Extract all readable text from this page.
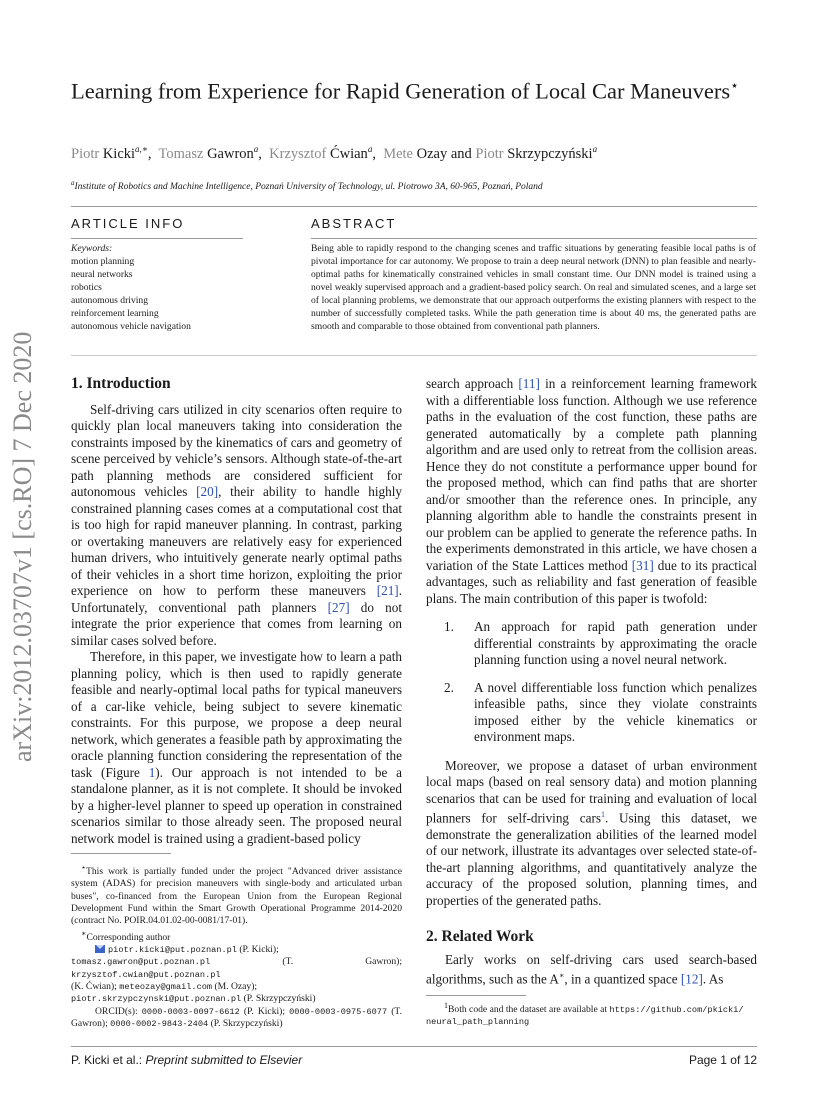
arXiv:2012.03707v1 [cs.RO] 7 Dec 2020
Learning from Experience for Rapid Generation of Local Car Maneuvers⋆
Piotr Kicki$^{a,∗}$,  Tomasz Gawron$^a$,  Krzysztof Ćwian$^a$,  Mete Ozay and Piotr Skrzypczyński$^a$
$^a$Institute of Robotics and Machine Intelligence, Poznań University of Technology, ul. Piotrowo 3A, 60-965, Poznań, Poland
ARTICLE INFO
Keywords:
motion planning
neural networks
robotics
autonomous driving
reinforcement learning
autonomous vehicle navigation
ABSTRACT
Being able to rapidly respond to the changing scenes and traffic situations by generating feasible local paths is of pivotal importance for car autonomy. We propose to train a deep neural network (DNN) to plan feasible and nearly-optimal paths for kinematically constrained vehicles in small constant time. Our DNN model is trained using a novel weakly supervised approach and a gradient-based policy search. On real and simulated scenes, and a large set of local planning problems, we demonstrate that our approach outperforms the existing planners with respect to the number of successfully completed tasks. While the path generation time is about 40 ms, the generated paths are smooth and comparable to those obtained from conventional path planners.
1. Introduction

Self-driving cars utilized in city scenarios often require to quickly plan local maneuvers taking into consideration the constraints imposed by the kinematics of cars and geometry of scene perceived by vehicle’s sensors. Although state-of-the-art path planning methods are considered sufficient for autonomous vehicles [20], their ability to handle highly constrained planning cases comes at a computational cost that is too high for rapid maneuver planning. In contrast, parking or overtaking maneuvers are relatively easy for experienced human drivers, who intuitively generate nearly optimal paths of their vehicles in a short time horizon, exploiting the prior experience on how to perform these maneuvers [21]. Unfortunately, conventional path planners [27] do not integrate the prior experience that comes from learning on similar cases solved before.

Therefore, in this paper, we investigate how to learn a path planning policy, which is then used to rapidly generate feasible and nearly-optimal local paths for typical maneuvers of a car-like vehicle, being subject to severe kinematic constraints. For this purpose, we propose a deep neural network, which generates a feasible path by approximating the oracle planning function considering the representation of the task (Figure 1). Our approach is not intended to be a standalone planner, as it is not complete. It should be invoked by a higher-level planner to speed up operation in constrained scenarios similar to those already seen. The proposed neural network model is trained using a gradient-based policy

⋆This work is partially funded under the project "Advanced driver assistance system (ADAS) for precision maneuvers with single-body and articulated urban buses", co-financed from the European Union from the European Regional Development Fund within the Smart Growth Operational Programme 2014-2020 (contract No. POIR.04.01.02-00-0081/17-01).
∗Corresponding author
piotr.kicki@put.poznan.pl (P. Kicki);
tomasz.gawron@put.poznan.pl (T. Gawron); krzysztof.cwian@put.poznan.pl
(K. Ćwian); meteozay@gmail.com (M. Ozay);
piotr.skrzypczynski@put.poznan.pl (P. Skrzypczyński)
ORCID(s): 0000-0003-0097-6612 (P. Kicki); 0000-0003-0975-6077 (T. Gawron); 0000-0002-9843-2404 (P. Skrzypczyński)

search approach [11] in a reinforcement learning framework with a differentiable loss function. Although we use reference paths in the evaluation of the cost function, these paths are generated automatically by a complete path planning algorithm and are used only to retreat from the collision areas. Hence they do not constitute a performance upper bound for the proposed method, which can find paths that are shorter and/or smoother than the reference ones. In principle, any planning algorithm able to handle the constraints present in our problem can be applied to generate the reference paths. In the experiments demonstrated in this article, we have chosen a variation of the State Lattices method [31] due to its practical advantages, such as reliability and fast generation of feasible plans. The main contribution of this paper is twofold:

1.	An approach for rapid path generation under differential constraints by approximating the oracle planning function using a novel neural network.
2.	A novel differentiable loss function which penalizes infeasible paths, since they violate constraints imposed either by the vehicle kinematics or environment maps.

Moreover, we propose a dataset of urban environment local maps (based on real sensory data) and motion planning scenarios that can be used for training and evaluation of local planners for self-driving cars$^1$. Using this dataset, we demonstrate the generalization abilities of the learned model of our network, illustrate its advantages over selected state-of-the-art planning algorithms, and quantitatively analyze the accuracy of the proposed solution, planning times, and properties of the generated paths.

2. Related Work

Early works on self-driving cars used search-based algorithms, such as the A∗, in a quantized space [12]. As

$^1$Both code and the dataset are available at https://github.com/pkicki/
neural_path_planning
P. Kicki et al.: Preprint submitted to Elsevier	Page 1 of 12
